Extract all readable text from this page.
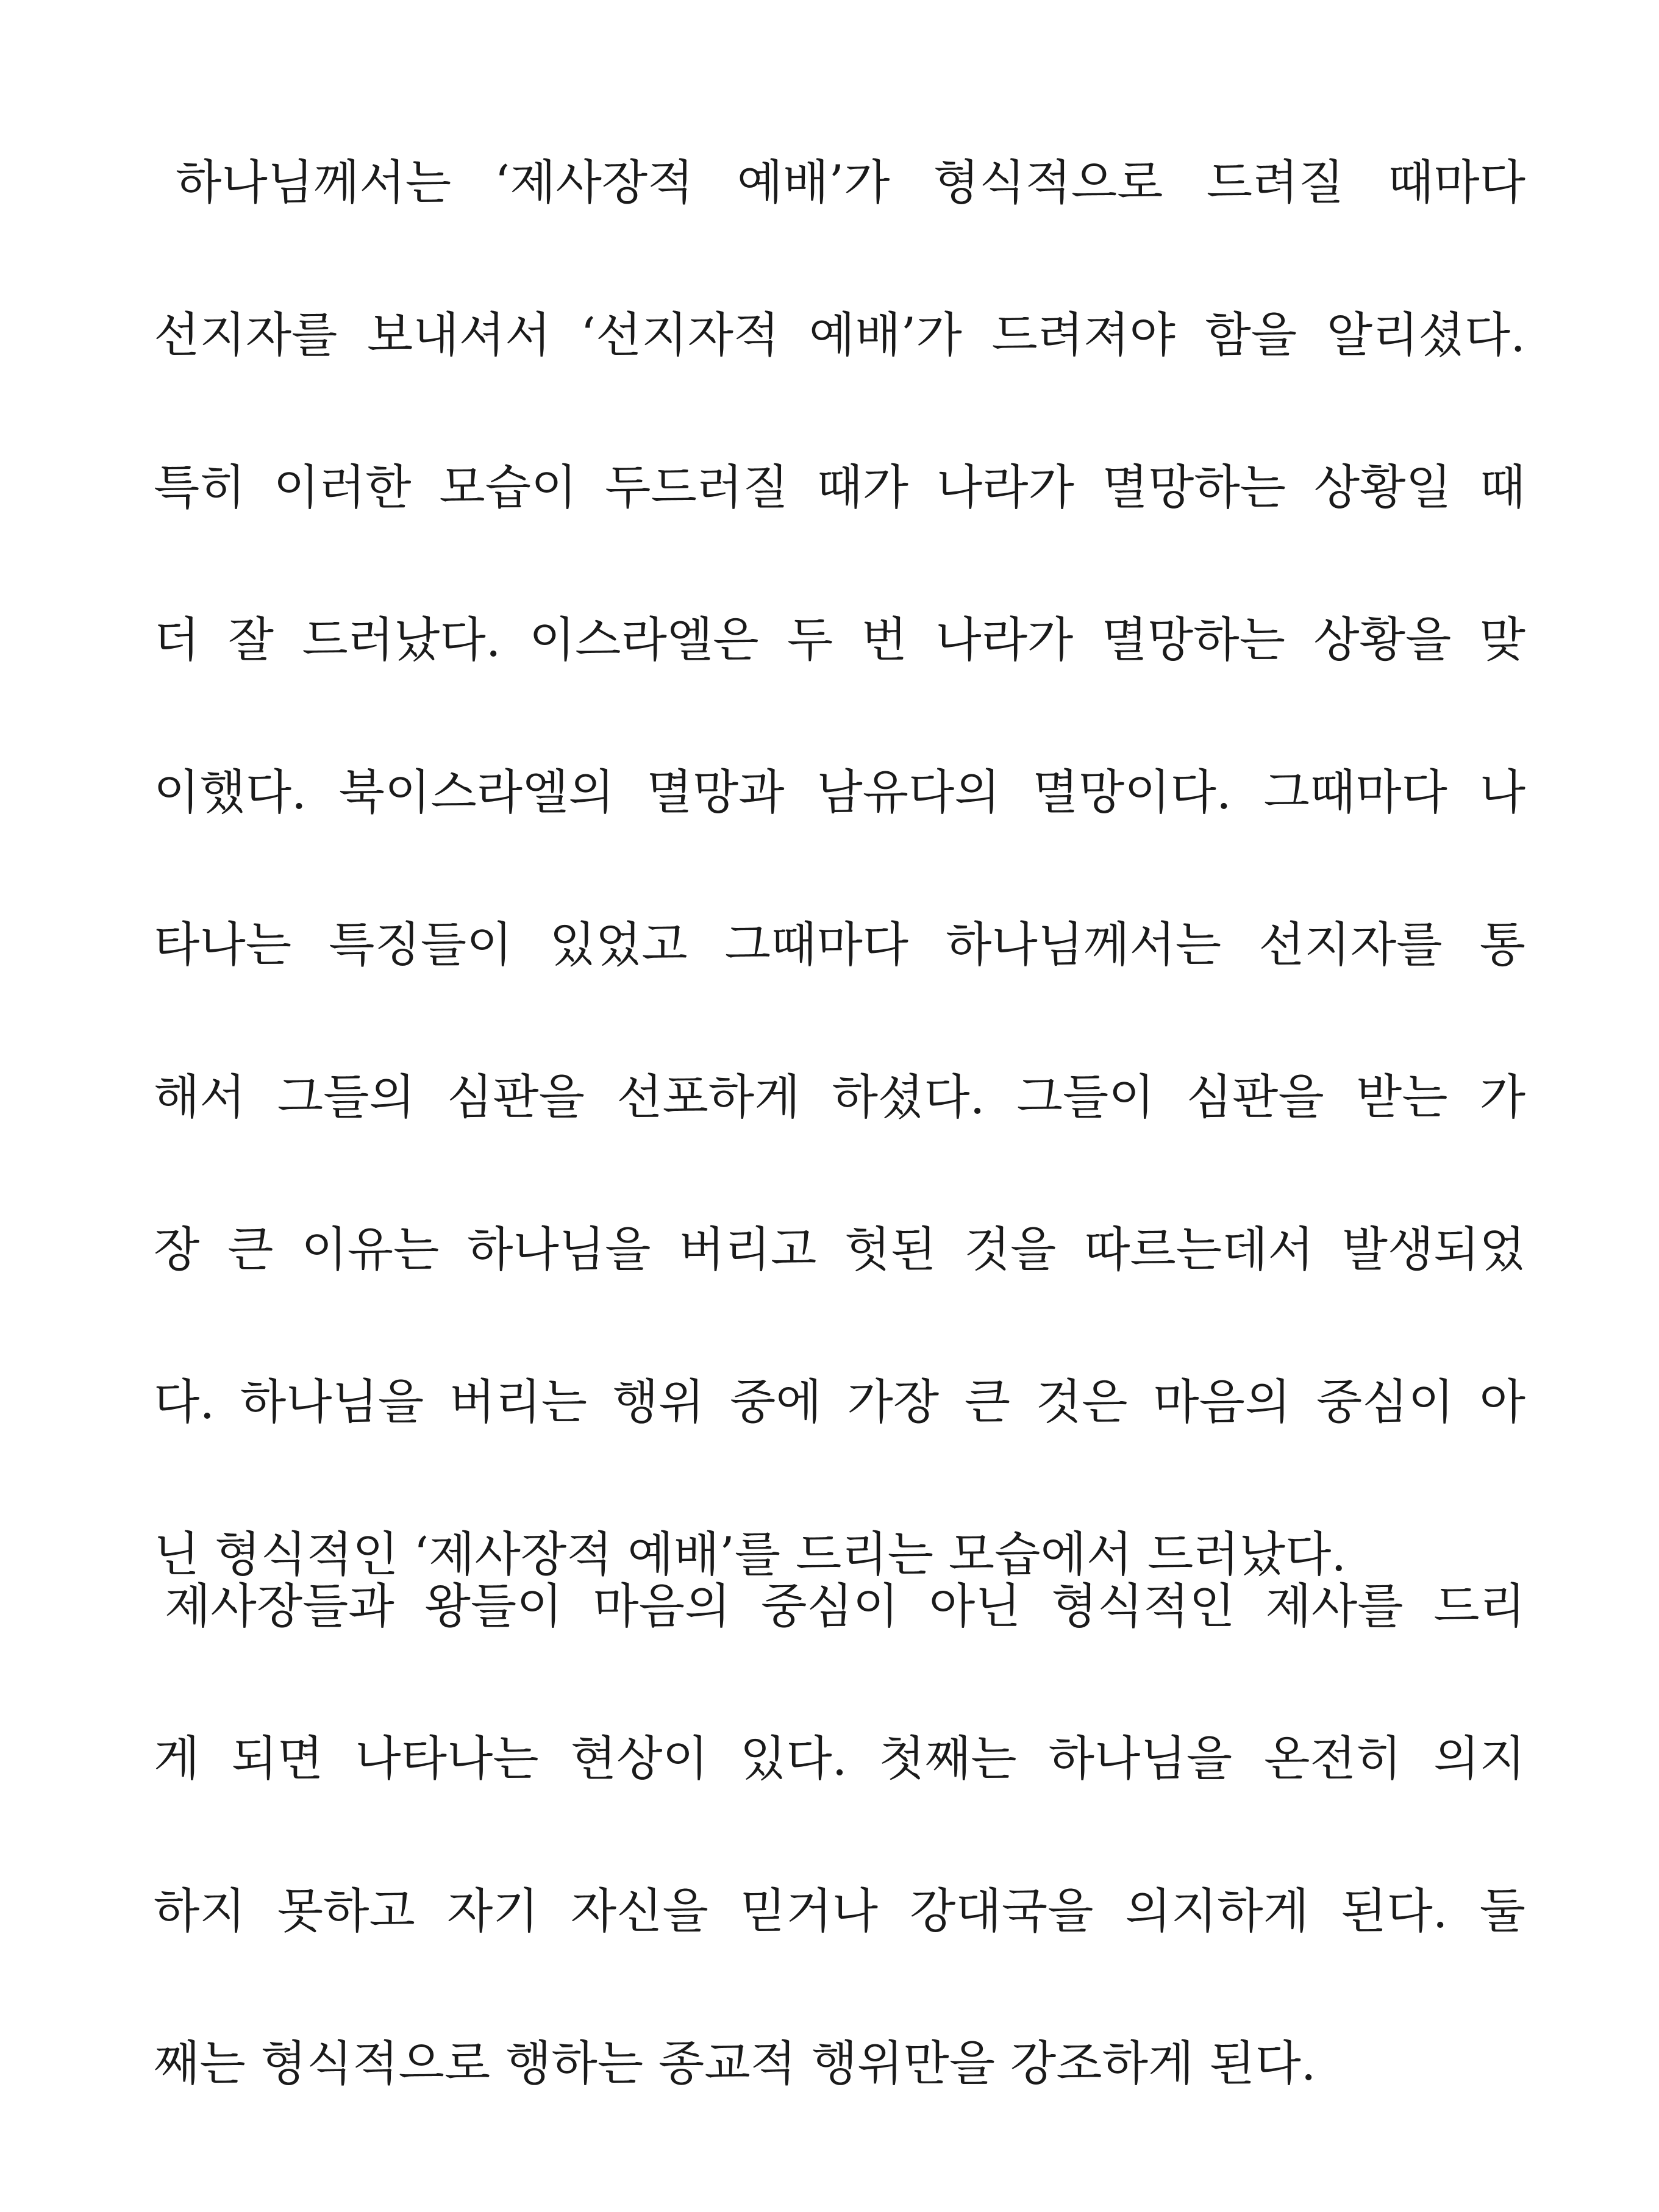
하나님께서는 ‘제사장적 예배’가 형식적으로 드려질 때마다

선지자를 보내셔서 ‘선지자적 예배’가 드려져야 함을 알리셨다.

특히 이러한 모습이 두드러질 때가 나라가 멸망하는 상황일 때

더 잘 드러났다. 이스라엘은 두 번 나라가 멸망하는 상황을 맞

이했다. 북이스라엘의 멸망과 남유다의 멸망이다. 그때마다 나

타나는 특징들이 있었고 그때마다 하나님께서는 선지자를 통

해서 그들의 심판을 선포하게 하셨다. 그들이 심판을 받는 가

장 큰 이유는 하나님을 버리고 헛된 것을 따르는데서 발생되었

다. 하나님을 버리는 행위 중에 가장 큰 것은 마음의 중심이 아

닌 형식적인 ‘제사장적 예배’를 드리는 모습에서 드러났다.

제사장들과 왕들이 마음의 중심이 아닌 형식적인 제사를 드리

게 되면 나타나는 현상이 있다. 첫째는 하나님을 온전히 의지

하지 못하고 자기 자신을 믿거나 강대국을 의지하게 된다. 둘

째는 형식적으로 행하는 종교적 행위만을 강조하게 된다.
